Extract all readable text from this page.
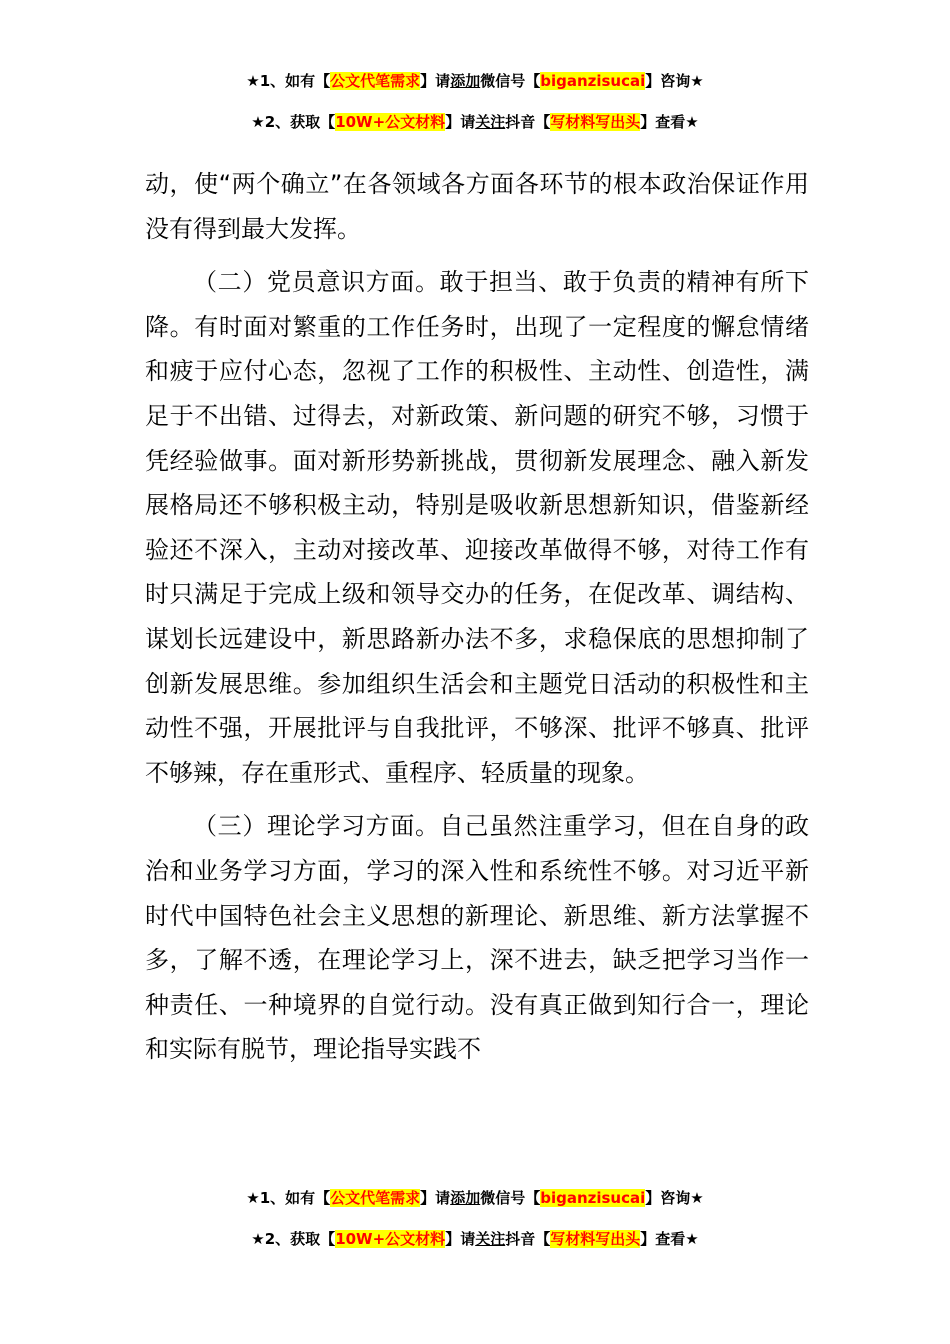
★1、如有【公文代笔需求】请添加微信号【biganzisucai】咨询★
★2、获取【10W+公文材料】请关注抖音【写材料写出头】查看★

动，使“两个确立”在各领域各方面各环节的根本政治保证作用没有得到最大发挥。

（二）党员意识方面。敢于担当、敢于负责的精神有所下降。有时面对繁重的工作任务时，出现了一定程度的懈怠情绪和疲于应付心态，忽视了工作的积极性、主动性、创造性，满足于不出错、过得去，对新政策、新问题的研究不够，习惯于凭经验做事。面对新形势新挑战，贯彻新发展理念、融入新发展格局还不够积极主动，特别是吸收新思想新知识，借鉴新经验还不深入，主动对接改革、迎接改革做得不够，对待工作有时只满足于完成上级和领导交办的任务，在促改革、调结构、谋划长远建设中，新思路新办法不多，求稳保底的思想抑制了创新发展思维。参加组织生活会和主题党日活动的积极性和主动性不强，开展批评与自我批评，不够深、批评不够真、批评不够辣，存在重形式、重程序、轻质量的现象。

（三）理论学习方面。自己虽然注重学习，但在自身的政治和业务学习方面，学习的深入性和系统性不够。对习近平新时代中国特色社会主义思想的新理论、新思维、新方法掌握不多，了解不透，在理论学习上，深不进去，缺乏把学习当作一种责任、一种境界的自觉行动。没有真正做到知行合一，理论和实际有脱节，理论指导实践不

★1、如有【公文代笔需求】请添加微信号【biganzisucai】咨询★
★2、获取【10W+公文材料】请关注抖音【写材料写出头】查看★
